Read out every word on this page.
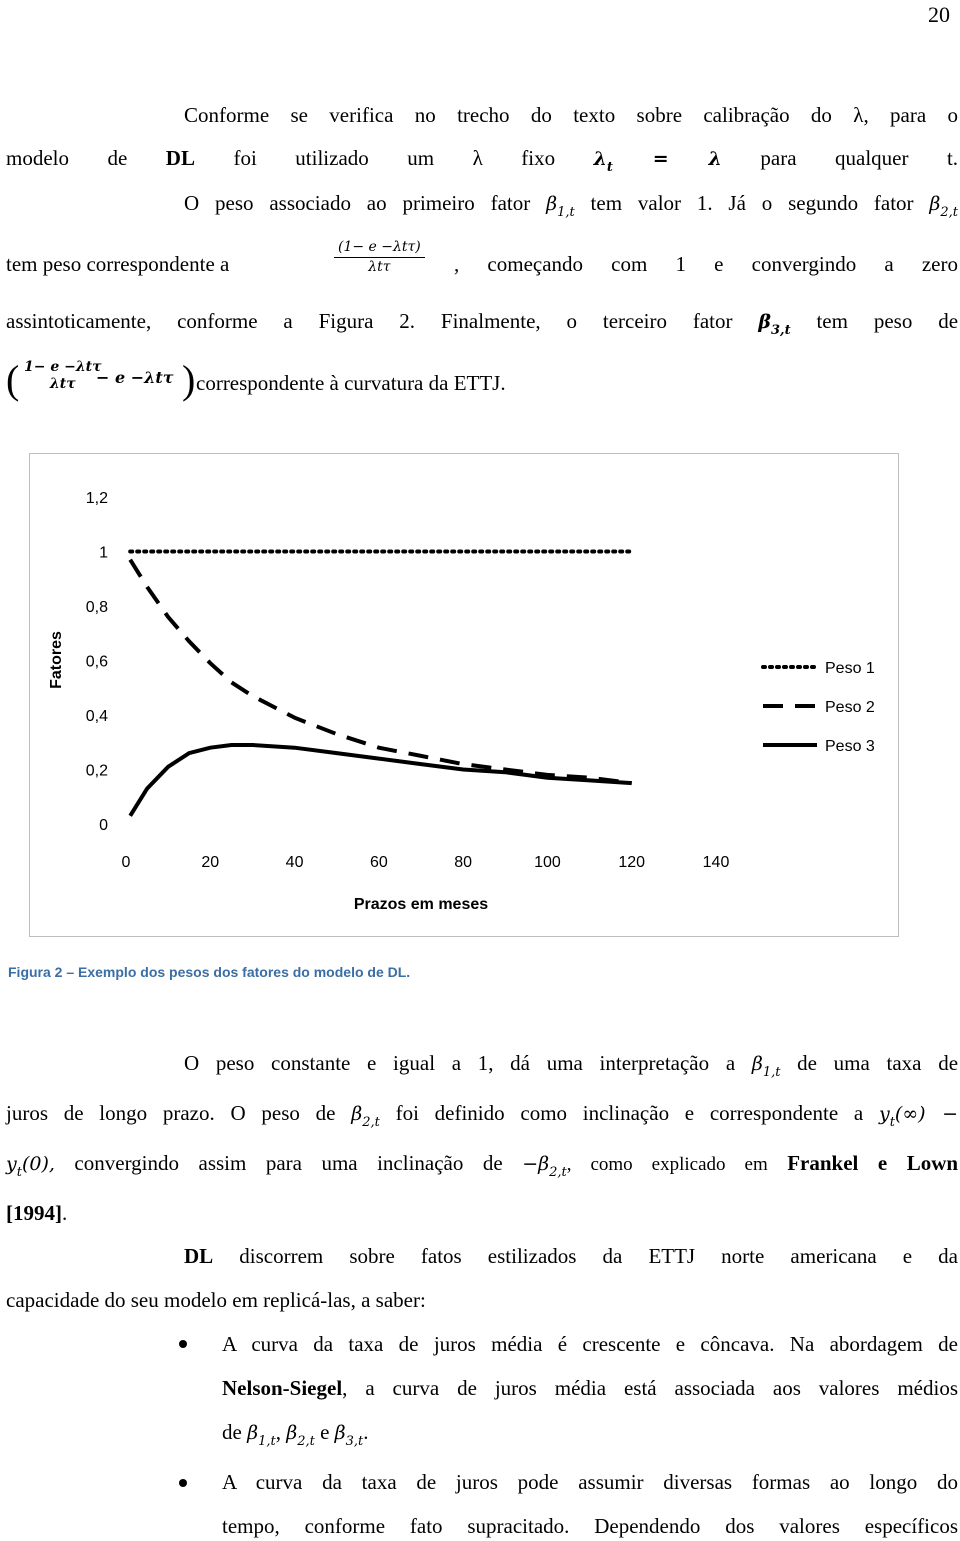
20
Conforme se verifica no trecho do texto sobre calibração do λ, para o
modelo de DL foi utilizado um λ fixo $\lambda_t = \lambda$ para qualquer t.
O peso associado ao primeiro fator $\beta_{1,t}$ tem valor 1. Já o segundo fator $\beta_{2,t}$
tem peso correspondente a
(1− e −λtτ)
λtτ	, começando com 1 e convergindo a zero
assintoticamente, conforme a Figura 2. Finalmente, o terceiro fator $\beta_{3,t}$ tem peso de
( 1− e −λtτ
λtτ	− e −λtτ ) correspondente à curvatura da ETTJ.
0
0,2
0,4
0,6
0,8
1
1,2
0	20	40	60	80	100	120	140
Fatores
Prazos em meses
Peso 1
Peso 2
Peso 3
Figura 2 – Exemplo dos pesos dos fatores do modelo de DL.
O peso constante e igual a 1, dá uma interpretação a $\beta_{1,t}$ de uma taxa de
juros de longo prazo. O peso de $\beta_{2,t}$ foi definido como inclinação e correspondente a $y_t(\infty)$ −
$y_t(0)$, convergindo assim para uma inclinação de $-\beta_{2,t}$, como explicado em Frankel e Lown
[1994].
DL discorrem sobre fatos estilizados da ETTJ norte americana e da
capacidade do seu modelo em replicá-las, a saber:
A curva da taxa de juros média é crescente e côncava. Na abordagem de
Nelson-Siegel, a curva de juros média está associada aos valores médios
de $\beta_{1,t}$, $\beta_{2,t}$ e $\beta_{3,t}$.
A curva da taxa de juros pode assumir diversas formas ao longo do
tempo, conforme fato supracitado. Dependendo dos valores específicos
